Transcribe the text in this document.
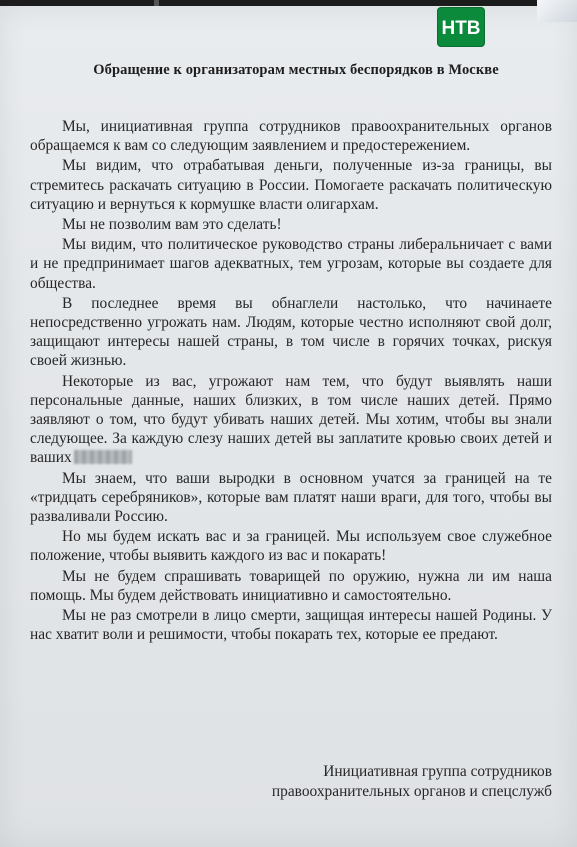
НТВ
Обращение к организаторам местных беспорядков в Москве

Мы, инициативная группа сотрудников правоохранительных органов обращаемся к вам со следующим заявлением и предостережением.

Мы видим, что отрабатывая деньги, полученные из-за границы, вы стремитесь раскачать ситуацию в России. Помогаете раскачать политическую ситуацию и вернуться к кормушке власти олигархам.

Мы не позволим вам это сделать!

Мы видим, что политическое руководство страны либеральничает с вами и не предпринимает шагов адекватных, тем угрозам, которые вы создаете для общества.

В последнее время вы обнаглели настолько, что начинаете непосредственно угрожать нам. Людям, которые честно исполняют свой долг, защищают интересы нашей страны, в том числе в горячих точках, рискуя своей жизнью.

Некоторые из вас, угрожают нам тем, что будут выявлять наши персональные данные, наших близких, в том числе наших детей. Прямо заявляют о том, что будут убивать наших детей. Мы хотим, чтобы вы знали следующее. За каждую слезу наших детей вы заплатите кровью своих детей и ваших

Мы знаем, что ваши выродки в основном учатся за границей на те «тридцать серебряников», которые вам платят наши враги, для того, чтобы вы разваливали Россию.

Но мы будем искать вас и за границей. Мы используем свое служебное положение, чтобы выявить каждого из вас и покарать!

Мы не будем спрашивать товарищей по оружию, нужна ли им наша помощь. Мы будем действовать инициативно и самостоятельно.

Мы не раз смотрели в лицо смерти, защищая интересы нашей Родины. У нас хватит воли и решимости, чтобы покарать тех, которые ее предают.

Инициативная группа сотрудников
правоохранительных органов и спецслужб
